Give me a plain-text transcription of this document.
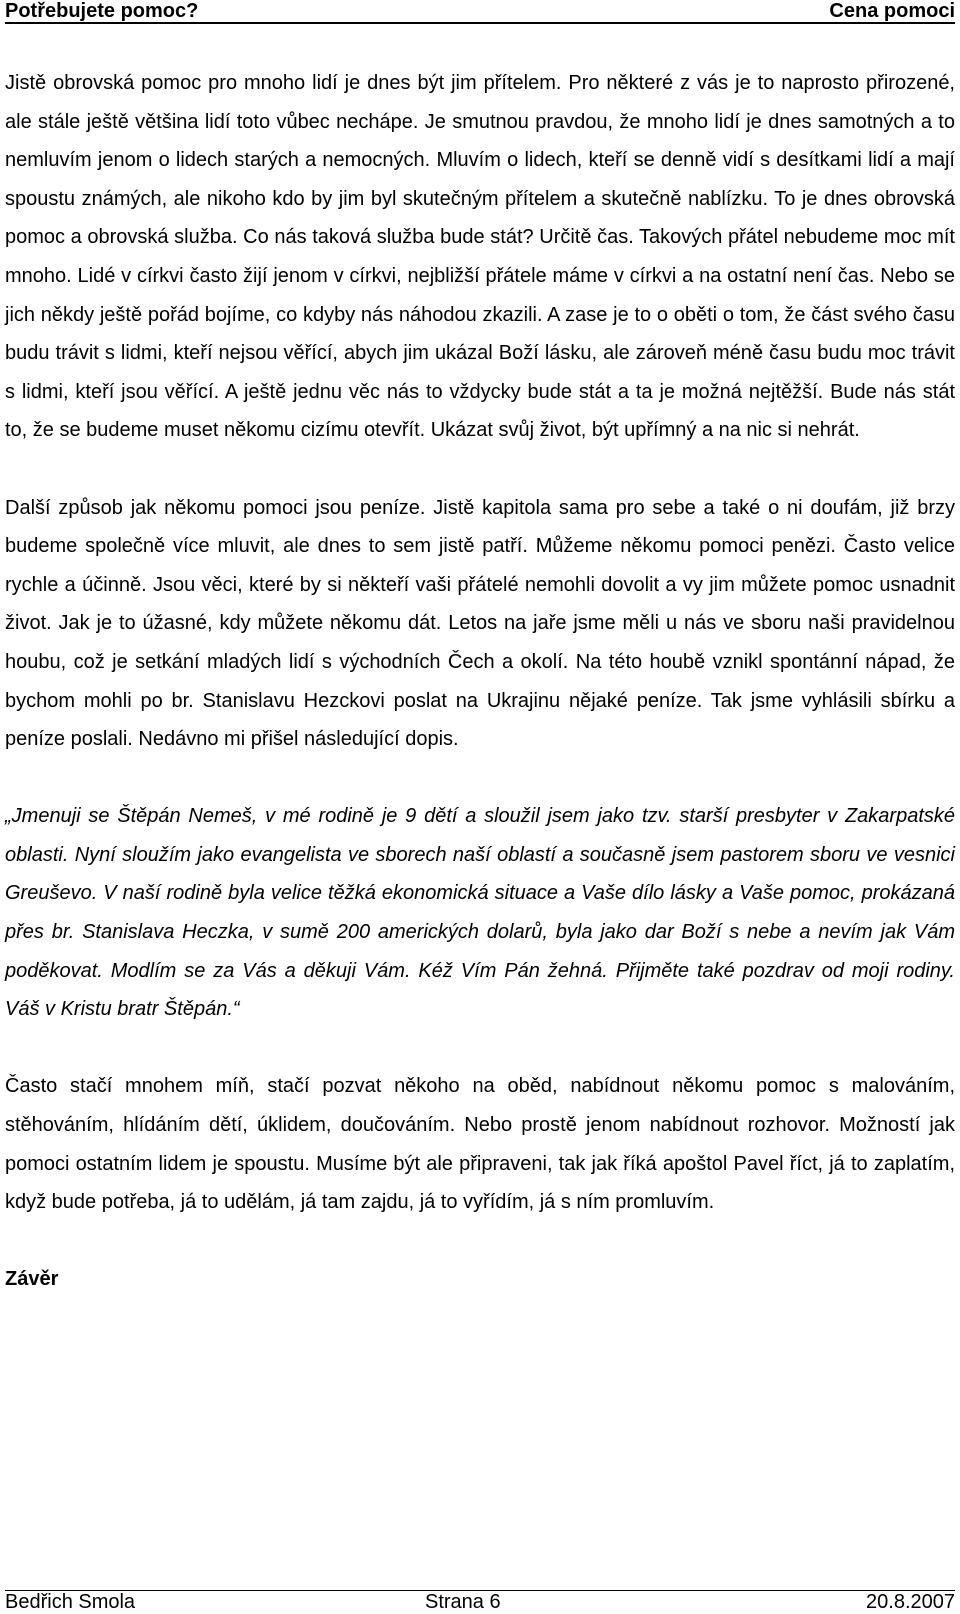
Potřebujete pomoc?	Cena pomoci

Jistě obrovská pomoc pro mnoho lidí je dnes být jim přítelem. Pro některé z vás je to naprosto přirozené, ale stále ještě většina lidí toto vůbec nechápe. Je smutnou pravdou, že mnoho lidí je dnes samotných a to nemluvím jenom o lidech starých a nemocných. Mluvím o lidech, kteří se denně vidí s desítkami lidí a mají spoustu známých, ale nikoho kdo by jim byl skutečným přítelem a skutečně nablízku. To je dnes obrovská pomoc a obrovská služba. Co nás taková služba bude stát? Určitě čas. Takových přátel nebudeme moc mít mnoho. Lidé v církvi často žijí jenom v církvi, nejbližší přátele máme v církvi a na ostatní není čas. Nebo se jich někdy ještě pořád bojíme, co kdyby nás náhodou zkazili. A zase je to o oběti o tom, že část svého času budu trávit s lidmi, kteří nejsou věřící, abych jim ukázal Boží lásku, ale zároveň méně času budu moc trávit s lidmi, kteří jsou věřící. A ještě jednu věc nás to vždycky bude stát a ta je možná nejtěžší. Bude nás stát to, že se budeme muset někomu cizímu otevřít. Ukázat svůj život, být upřímný a na nic si nehrát.

Další způsob jak někomu pomoci jsou peníze. Jistě kapitola sama pro sebe a také o ni doufám, již brzy budeme společně více mluvit, ale dnes to sem jistě patří. Můžeme někomu pomoci penězi. Často velice rychle a účinně. Jsou věci, které by si někteří vaši přátelé nemohli dovolit a vy jim můžete pomoc usnadnit život. Jak je to úžasné, kdy můžete někomu dát. Letos na jaře jsme měli u nás ve sboru naši pravidelnou houbu, což je setkání mladých lidí s východních Čech a okolí. Na této houbě vznikl spontánní nápad, že bychom mohli po br. Stanislavu Hezckovi poslat na Ukrajinu nějaké peníze. Tak jsme vyhlásili sbírku a peníze poslali. Nedávno mi přišel následující dopis.

„Jmenuji se Štěpán Nemeš, v mé rodině je 9 dětí a sloužil jsem jako tzv. starší presbyter v Zakarpatské oblasti. Nyní sloužím jako evangelista ve sborech naší oblastí a současně jsem pastorem sboru ve vesnici Greuševo. V naší rodině byla velice těžká ekonomická situace a Vaše dílo lásky a Vaše pomoc, prokázaná přes br. Stanislava Heczka, v sumě 200 amerických dolarů, byla jako dar Boží s nebe a nevím jak Vám poděkovat. Modlím se za Vás a děkuji Vám. Kéž Vím Pán žehná. Přijměte také pozdrav od moji rodiny. Váš v Kristu bratr Štěpán.“

Často stačí mnohem míň, stačí pozvat někoho na oběd, nabídnout někomu pomoc s malováním, stěhováním, hlídáním dětí, úklidem, doučováním. Nebo prostě jenom nabídnout rozhovor. Možností jak pomoci ostatním lidem je spoustu. Musíme být ale připraveni, tak jak říká apoštol Pavel říct, já to zaplatím, když bude potřeba, já to udělám, já tam zajdu, já to vyřídím, já s ním promluvím.

Závěr

Bedřich Smola	Strana 6	20.8.2007
